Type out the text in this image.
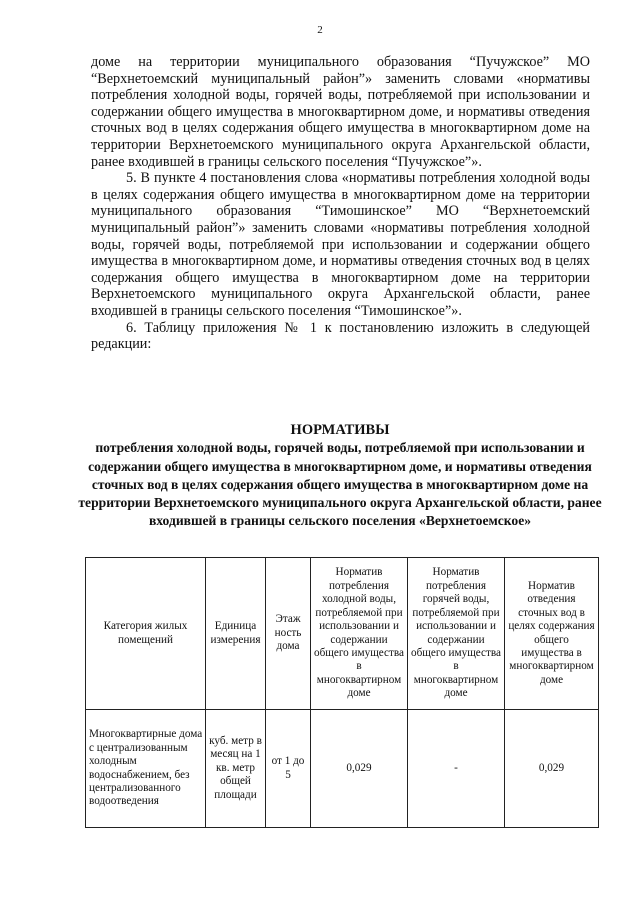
2

доме на территории муниципального образования “Пучужское” МО “Верхнетоемский муниципальный район”» заменить словами «нормативы потребления холодной воды, горячей воды, потребляемой при использовании и содержании общего имущества в многоквартирном доме, и нормативы отведения сточных вод в целях содержания общего имущества в многоквартирном доме на территории Верхнетоемского муниципального округа Архангельской области, ранее входившей в границы сельского поселения “Пучужское”».

5. В пункте 4 постановления слова «нормативы потребления холодной воды в целях содержания общего имущества в многоквартирном доме на территории муниципального образования “Тимошинское” МО “Верхнетоемский муниципальный район”» заменить словами «нормативы потребления холодной воды, горячей воды, потребляемой при использовании и содержании общего имущества в многоквартирном доме, и нормативы отведения сточных вод в целях содержания общего имущества в многоквартирном доме на территории Верхнетоемского муниципального округа Архангельской области, ранее входившей в границы сельского поселения “Тимошинское”».

6. Таблицу приложения № 1 к постановлению изложить в следующей редакции:

НОРМАТИВЫ
потребления холодной воды, горячей воды, потребляемой при использовании и содержании общего имущества в многоквартирном доме, и нормативы отведения сточных вод в целях содержания общего имущества в многоквартирном доме на территории Верхнетоемского муниципального округа Архангельской области, ранее входившей в границы сельского поселения «Верхнетоемское»
Категория жилых помещений	Единица измерения	Этаж ность дома	Норматив потребления холодной воды, потребляемой при использовании и содержании общего имущества в многоквартирном доме	Норматив потребления горячей воды, потребляемой при использовании и содержании общего имущества в многоквартирном доме	Норматив отведения сточных вод в целях содержания общего имущества в многоквартирном доме
Многоквартирные дома с централизованным холодным водоснабжением, без централизованного водоотведения	куб. метр в месяц на 1 кв. метр общей площади	от 1 до 5	0,029	-	0,029
